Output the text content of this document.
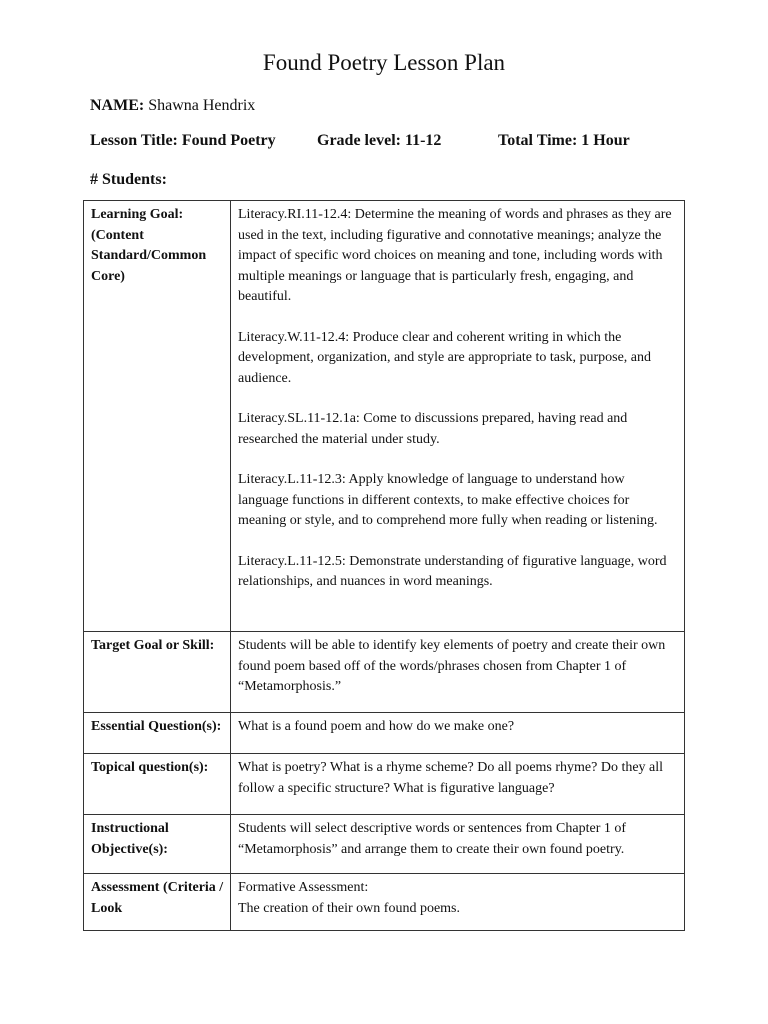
Found Poetry Lesson Plan
NAME: Shawna Hendrix
Lesson Title: Found Poetry	Grade level: 11-12	Total Time: 1 Hour
# Students:
Learning Goal: (Content Standard/Common Core)	Literacy.RI.11-12.4: Determine the meaning of words and phrases as they are used in the text, including figurative and connotative meanings; analyze the impact of specific word choices on meaning and tone, including words with multiple meanings or language that is particularly fresh, engaging, and beautiful.

Literacy.W.11-12.4: Produce clear and coherent writing in which the development, organization, and style are appropriate to task, purpose, and audience.

Literacy.SL.11-12.1a: Come to discussions prepared, having read and researched the material under study.

Literacy.L.11-12.3: Apply knowledge of language to understand how language functions in different contexts, to make effective choices for meaning or style, and to comprehend more fully when reading or listening.

Literacy.L.11-12.5: Demonstrate understanding of figurative language, word relationships, and nuances in word meanings.

Target Goal or Skill:	Students will be able to identify key elements of poetry and create their own found poem based off of the words/phrases chosen from Chapter 1 of “Metamorphosis.”
Essential Question(s):	What is a found poem and how do we make one?
Topical question(s):	What is poetry? What is a rhyme scheme? Do all poems rhyme? Do they all follow a specific structure? What is figurative language?
Instructional Objective(s):	Students will select descriptive words or sentences from Chapter 1 of “Metamorphosis” and arrange them to create their own found poetry.
Assessment (Criteria / Look	Formative Assessment:
The creation of their own found poems.
